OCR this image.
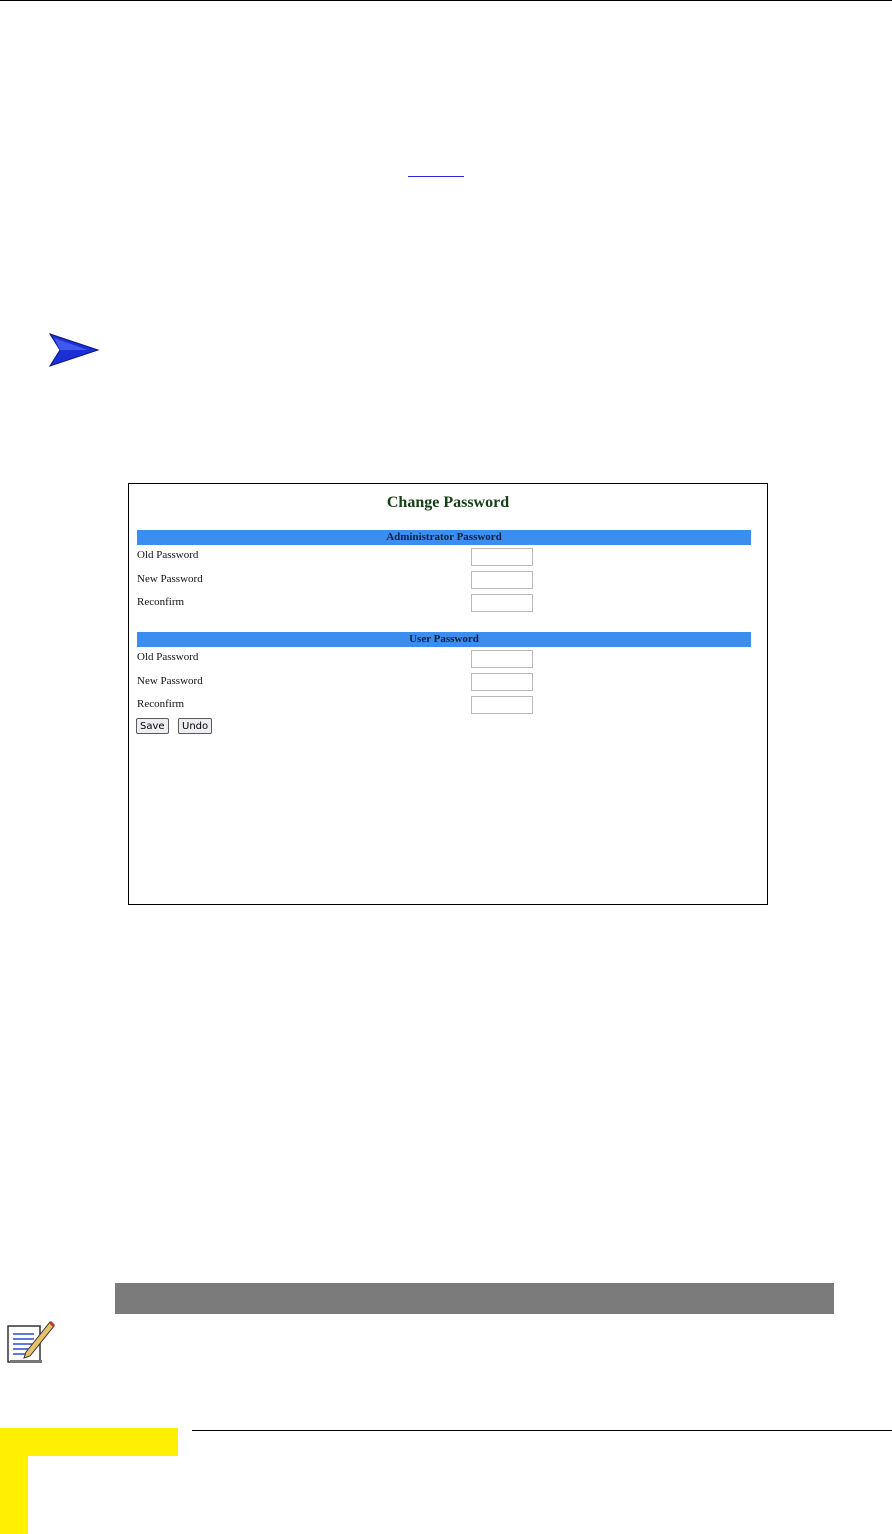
Change Password
Administrator Password
Old Password
New Password
Reconfirm
User Password
Old Password
New Password
Reconfirm
Save	Undo
